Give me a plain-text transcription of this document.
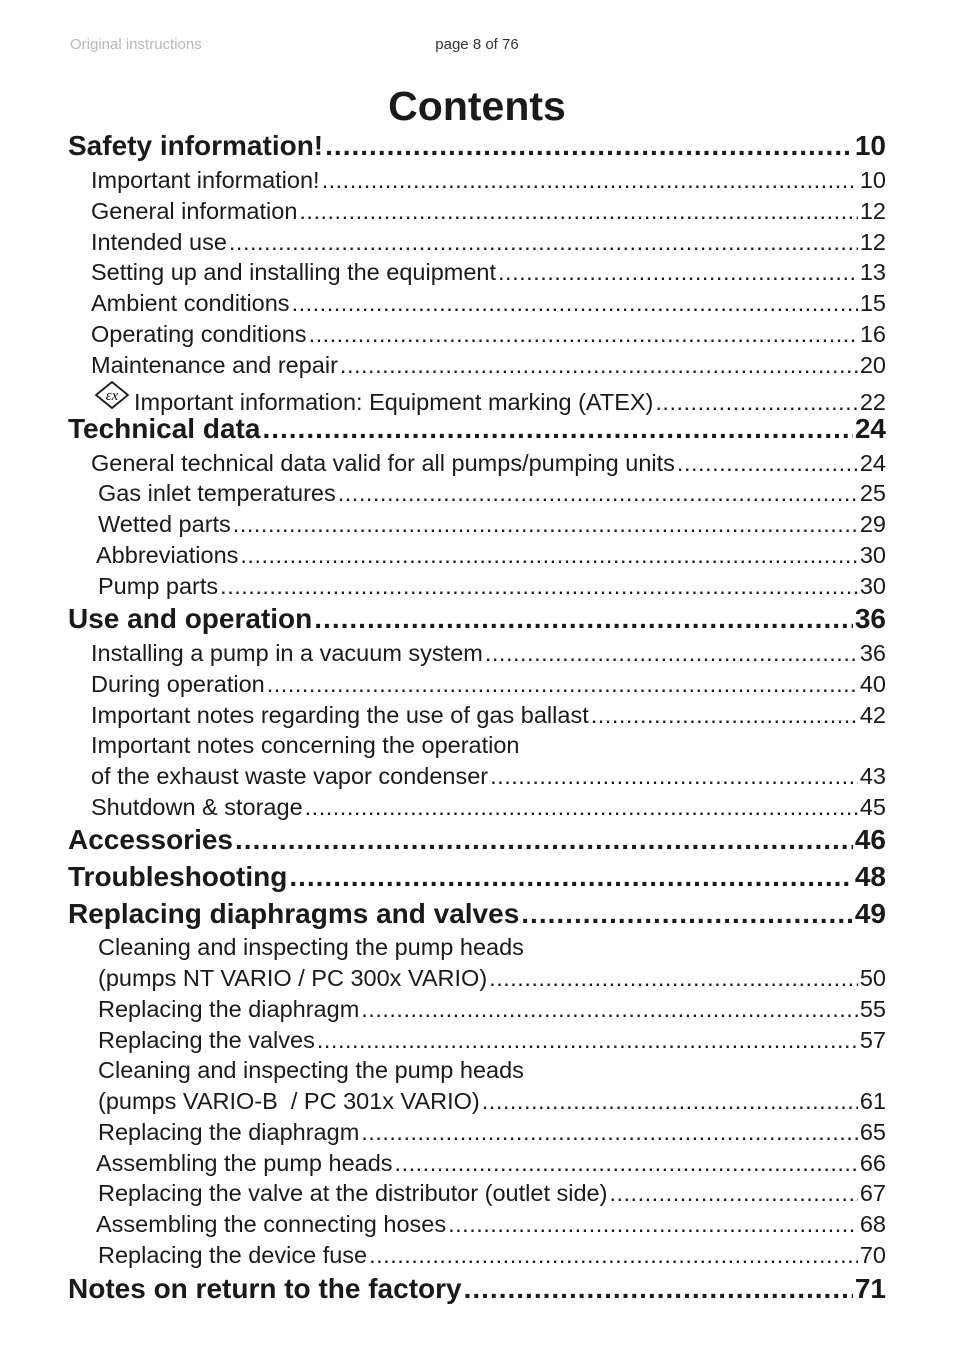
Original instructions	page 8 of 76
Contents
Safety information! .....	10
Important information! .....	10
General information .....	12
Intended use .....	12
Setting up and installing the equipment .....	13
Ambient conditions .....	15
Operating conditions .....	16
Maintenance and repair .....	20
εx Important information: Equipment marking (ATEX) .....	22
Technical data .....	24
General technical data valid for all pumps/pumping units .....	24
Gas inlet temperatures .....	25
Wetted parts .....	29
Abbreviations .....	30
Pump parts .....	30
Use and operation .....	36
Installing a pump in a vacuum system .....	36
During operation .....	40
Important notes regarding the use of gas ballast .....	42
Important notes concerning the operation
of the exhaust waste vapor condenser .....	43
Shutdown & storage .....	45
Accessories .....	46
Troubleshooting .....	48
Replacing diaphragms and valves .....	49
Cleaning and inspecting the pump heads
(pumps NT VARIO / PC 300x VARIO) .....	50
Replacing the diaphragm .....	55
Replacing the valves .....	57
Cleaning and inspecting the pump heads
(pumps VARIO-B  / PC 301x VARIO) .....	61
Replacing the diaphragm .....	65
Assembling the pump heads .....	66
Replacing the valve at the distributor (outlet side) .....	67
Assembling the connecting hoses .....	68
Replacing the device fuse .....	70
Notes on return to the factory .....	71
